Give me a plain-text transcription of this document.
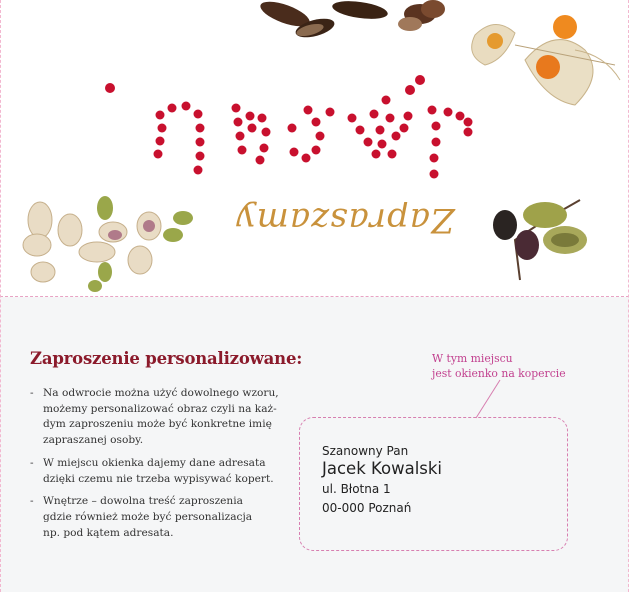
Zapraszamy
Zaproszenie personalizowane:
- Na odwrocie można użyć dowolnego wzoru,
możemy personalizować obraz czyli na każ-
dym zaproszeniu może być konkretne imię
zapraszanej osoby.
- W miejscu okienka dajemy dane adresata
dzięki czemu nie trzeba wypisywać kopert.
- Wnętrze – dowolna treść zaproszenia
gdzie również może być personalizacja
np. pod kątem adresata.
W tym miejscu
jest okienko na kopercie
Szanowny Pan
Jacek Kowalski
ul. Błotna 1
00-000 Poznań
